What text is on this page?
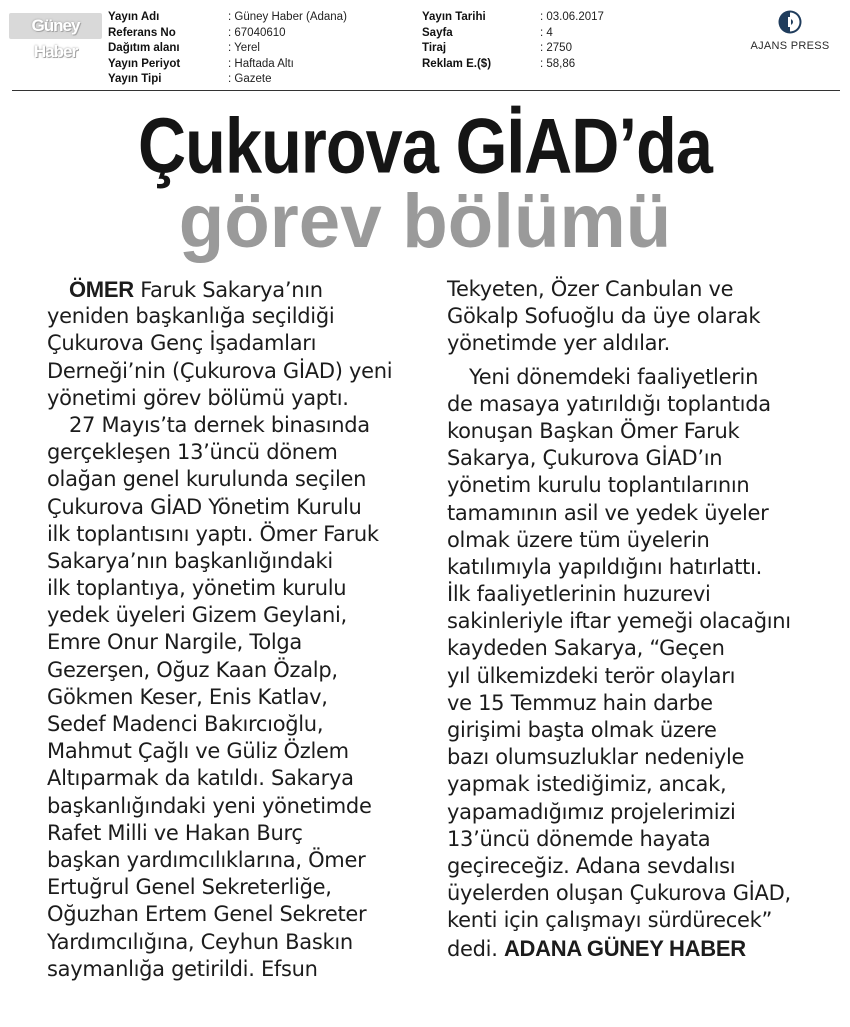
Güney Haber
Yayın Adı	: Güney Haber (Adana)
Referans No	: 67040610
Dağıtım alanı	: Yerel
Yayın Periyot	: Haftada Altı
Yayın Tipi	: Gazete
Yayın Tarihi	: 03.06.2017
Sayfa	: 4
Tiraj	: 2750
Reklam E.($)	: 58,86
AJANS PRESS
Çukurova GİAD’da
görev bölümü
ÖMER Faruk Sakarya’nın
yeniden başkanlığa seçildiği
Çukurova Genç İşadamları
Derneği’nin (Çukurova GİAD) yeni
yönetimi görev bölümü yaptı.
27 Mayıs’ta dernek binasında
gerçekleşen 13’üncü dönem
olağan genel kurulunda seçilen
Çukurova GİAD Yönetim Kurulu
ilk toplantısını yaptı. Ömer Faruk
Sakarya’nın başkanlığındaki
ilk toplantıya, yönetim kurulu
yedek üyeleri Gizem Geylani,
Emre Onur Nargile, Tolga
Gezerşen, Oğuz Kaan Özalp,
Gökmen Keser, Enis Katlav,
Sedef Madenci Bakırcıoğlu,
Mahmut Çağlı ve Güliz Özlem
Altıparmak da katıldı. Sakarya
başkanlığındaki yeni yönetimde
Rafet Milli ve Hakan Burç
başkan yardımcılıklarına, Ömer
Ertuğrul Genel Sekreterliğe,
Oğuzhan Ertem Genel Sekreter
Yardımcılığına, Ceyhun Baskın
saymanlığa getirildi. Efsun
Tekyeten, Özer Canbulan ve
Gökalp Sofuoğlu da üye olarak
yönetimde yer aldılar.
Yeni dönemdeki faaliyetlerin
de masaya yatırıldığı toplantıda
konuşan Başkan Ömer Faruk
Sakarya, Çukurova GİAD’ın
yönetim kurulu toplantılarının
tamamının asil ve yedek üyeler
olmak üzere tüm üyelerin
katılımıyla yapıldığını hatırlattı.
İlk faaliyetlerinin huzurevi
sakinleriyle iftar yemeği olacağını
kaydeden Sakarya, “Geçen
yıl ülkemizdeki terör olayları
ve 15 Temmuz hain darbe
girişimi başta olmak üzere
bazı olumsuzluklar nedeniyle
yapmak istediğimiz, ancak,
yapamadığımız projelerimizi
13’üncü dönemde hayata
geçireceğiz. Adana sevdalısı
üyelerden oluşan Çukurova GİAD,
kenti için çalışmayı sürdürecek”
dedi. ADANA GÜNEY HABER
